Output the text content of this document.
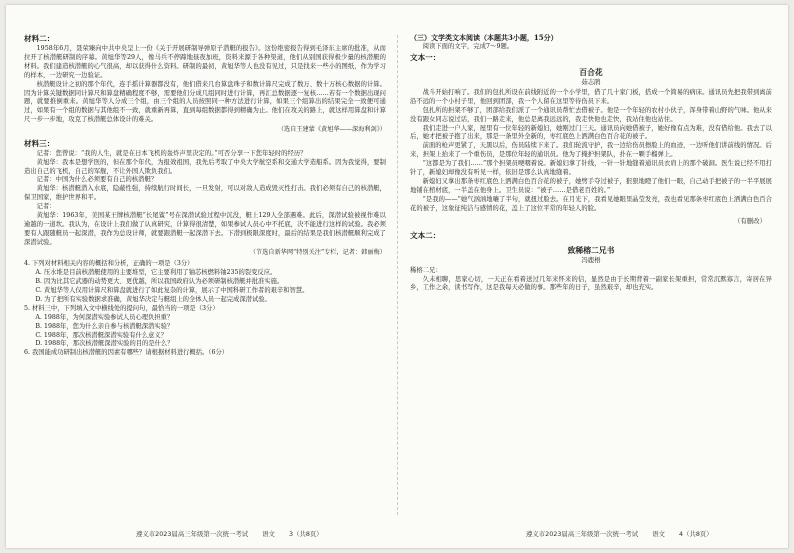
材料二：

1958年6月，聂荣臻向中共中央呈上一份《关于开展研制导弹原子潜艇的报告》。这份绝密报告得到毛泽东主席的批准，从而拉开了核潜艇研制的序幕。黄旭华等29人，像马兵不停蹄地昼夜加班，资料来源于各种渠道，他们从别国获得极少量的核潜艇的材料。我们建造核潜艇的心气很高，却以获得什么资料。研制的最初，黄旭华等人也没有见过，只是找来一些小的图纸，作为学习的样本，一边研究一边验证。

核潜艇设计之初的那个年代，连手摇计算器都没有，他们借来几台算盘珠子和数计算尺完成了数万、数十万核心数据的计算。因为计算关键数据同计算尺和算盘精确程度不够，需要他们分成几组同时进行计算，再汇总数据逐一复核……若有一个数据出现问题，就要推倒重来。黄旭华等人分成三个组，由三个组的人员按照同一种方法进行计算，如果三个组算出的结果完全一致便可通过，如果有一个组的数据与其他组不一致，就重新再算，直到每组数据都得到精确为止。他们在攻关的路上，就这样用算盘和计算尺一步一步地，攻克了核潜艇总体设计的难关。

（选自王建蒙《黄旭华——深海利剑》）

材料三：

记者：您曾说：“我的人生，就是在日本飞机的轰炸声里决定的。”可否分享一下您年轻时的经历？

黄旭华：我本是想学医的，但在那个年代，为报效祖国，我先后考取了中央大学航空系和交通大学造船系。因为我觉得，要制造出自己的飞机，自己的军舰，不让外国人欺负我们。

记者：中国为什么必须要有自己的核潜艇？

黄旭华：核潜艇潜入水底，隐蔽性强，持续航行时间长，一旦发射，可以对敌人造成毁灭性打击。我们必须有自己的核潜艇，保卫国家，维护世界和平。

记者：

黄旭华：1963年，美国某王牌核潜艇“长尾鲨”号在深潜试验过程中沉没，艇上129人全部遇难。此后，深潜试验被视作难以逾越的一道坎。我认为，在设计上我们做了认真研究，计算得很清楚，如果参试人员心中不托底，决不能进行这样的试验。我必须要有人跟随艇员一起深潜，我作为总设计师，就要跟潜艇一起深潜下去。下潜到极限深度时，最后的结果是我们核潜艇顺利完成了深潜试验。

（节选自新华网“特别关注”专栏，记者：韩丽梅）

4. 下列对材料相关内容的概括和分析，正确的一项是（3分）

A. 压水堆是目前核潜艇使用的主要堆型，它主要利用了铀芯核燃料铀235的裂变反应。

B. 因为比其它武器的动势更大、更优越，所以我国政府认为必须研制核潜艇并批准实施。

C. 黄旭华等人仅用计算尺和算盘就进行了如此复杂的计算，展示了中国科研工作者的艰辛和智慧。

D. 为了把所有实验数据求准确，黄旭华决定与艇组上的全体人员一起完成深潜试验。

5. 材料三中，下列填入文中横线处的提问句，最恰当的一项是（3分）

A. 1988年，为何深潜实验参试人员心理负担重？

B. 1988年，您为什么亲自参与核潜艇深潜实验？

C. 1988年，那次核潜艇深潜实验有什么意义？

D. 1988年，那次核潜艇深潜实验的目的是什么？

6. 我国能成功研制出核潜艇的因素有哪些？请根据材料进行概括。（6分）

（三）文学类文本阅读（本题共3小题，15分）

阅读下面的文字，完成7～9题。

文本一：

百合花

茹志鹃

战斗开始打响了。我们的包扎所设在前线附近的一个小学里，借了几十家门板，搭成一个简易的病床。通讯员先把我带到离前沿不远的一个小村子里，他回到团部，我一个人留在这里等待伤员下来。

包扎所的担架不够了，团部给我们派了一个通讯员帮忙去借被子。他是一个年轻的农村小伙子，浑身带着山野的气味。他从来没有跟女同志说过话，我们一路走来，他总是离我远远的，我走快他也走快，我站住他也站住。

我们走进一户人家，屋里有一位年轻的新媳妇，她刚过门三天。通讯员向她借被子，她好像有点为难，没有借给他。我去了以后，她才把被子抱了出来，那是一条里外全新的，枣红底色上洒满白色百合花的被子。

前面的枪声更紧了，天黑以后，伤员陆续下来了。我们轮流守护，我一边给伤员擦脸上的血迹，一边听他们讲前线的情况。后来，担架上抬来了一个重伤员，是那位年轻的通讯员。他为了掩护担架队，扑在一颗手榴弹上。

“这都是为了我们……”那个担架员哽咽着说。新媳妇拿了针线，一针一针地缝着通讯员衣肩上的那个破洞。医生说已经不用打针了，新媳妇却像没有听见一样，依旧是那么认真地缝着。

新媳妇又拿出那条枣红底色上洒满白色百合花的被子，她劈手夺过被子，狠狠地瞪了他们一眼，自己动手把被子的一半平展展地铺在棺材底，一半盖在他身上。卫生员说：“被子……是借老百姓的。”

“是我的——”她气汹汹地嚷了半句，就扭过脸去。在月光下，我看见她眼里晶莹发亮，我也看见那条枣红底色上洒满白色百合花的被子，这象征纯洁与感情的花，盖上了这位平常的年轻人的脸。

（有删改）

文本二：

致稀榕二兄书

冯鹿梧

稀榕二兄：

久未相聊，思家心切，一天正在看着送过几年来怀来的信，显然是由于长期背着一副家长架重担，常常沉默寡言，寄居在异乡，工作之余，读书写作，这是我每天必做的事。那些年的日子，虽然艰辛，却也充实。

遵义市2023届高三年级第一次统一考试 语文 3（共8页）	遵义市2023届高三年级第一次统一考试 语文 4（共8页）
